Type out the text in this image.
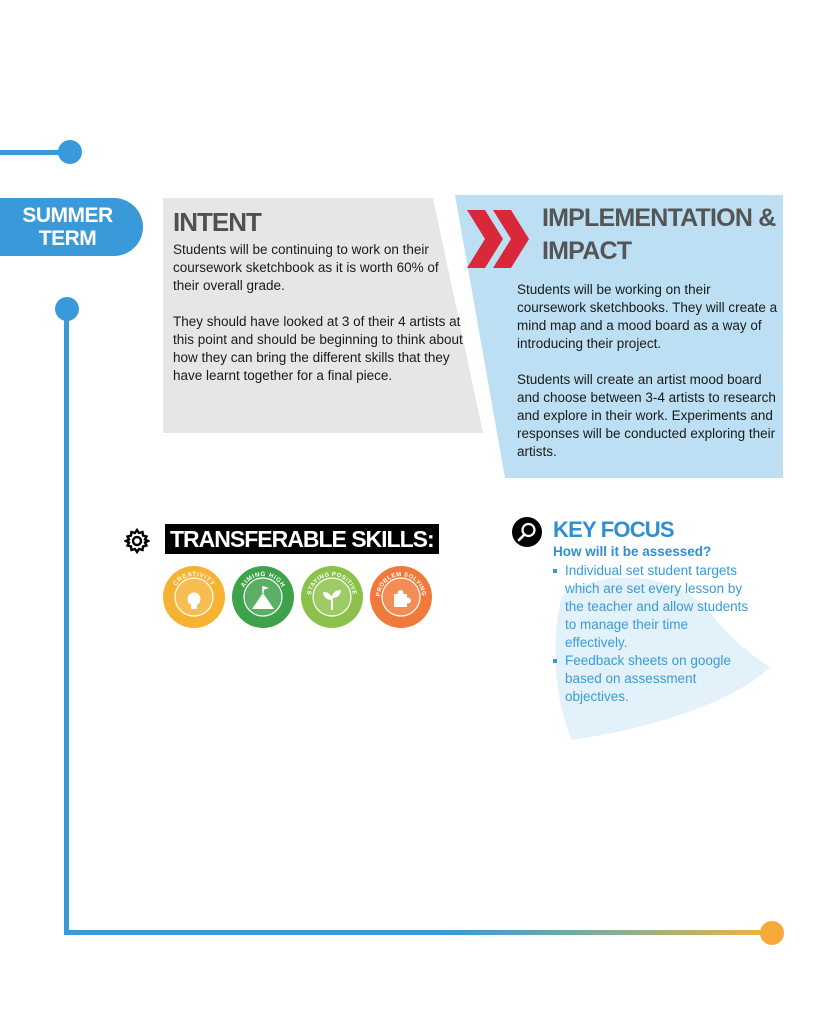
SUMMER
TERM
INTENT

Students will be continuing to work on their coursework sketchbook as it is worth 60% of their overall grade.

They should have looked at 3 of their 4 artists at this point and should be beginning to think about how they can bring the different skills that they have learnt together for a final piece.

IMPLEMENTATION & IMPACT

Students will be working on their coursework sketchbooks. They will create a mind map and a mood board as a way of introducing their project.

Students will create an artist mood board and choose between 3-4 artists to research and explore in their work. Experiments and responses will be conducted exploring their artists.

TRANSFERABLE SKILLS:
CREATIVITY	AIMING HIGH
STAYING POSITIVE	PROBLEM SOLVING
KEY FOCUS
How will it be assessed?
Individual set student targets which are set every lesson by the teacher and allow students to manage their time effectively.
Feedback sheets on google based on assessment objectives.
